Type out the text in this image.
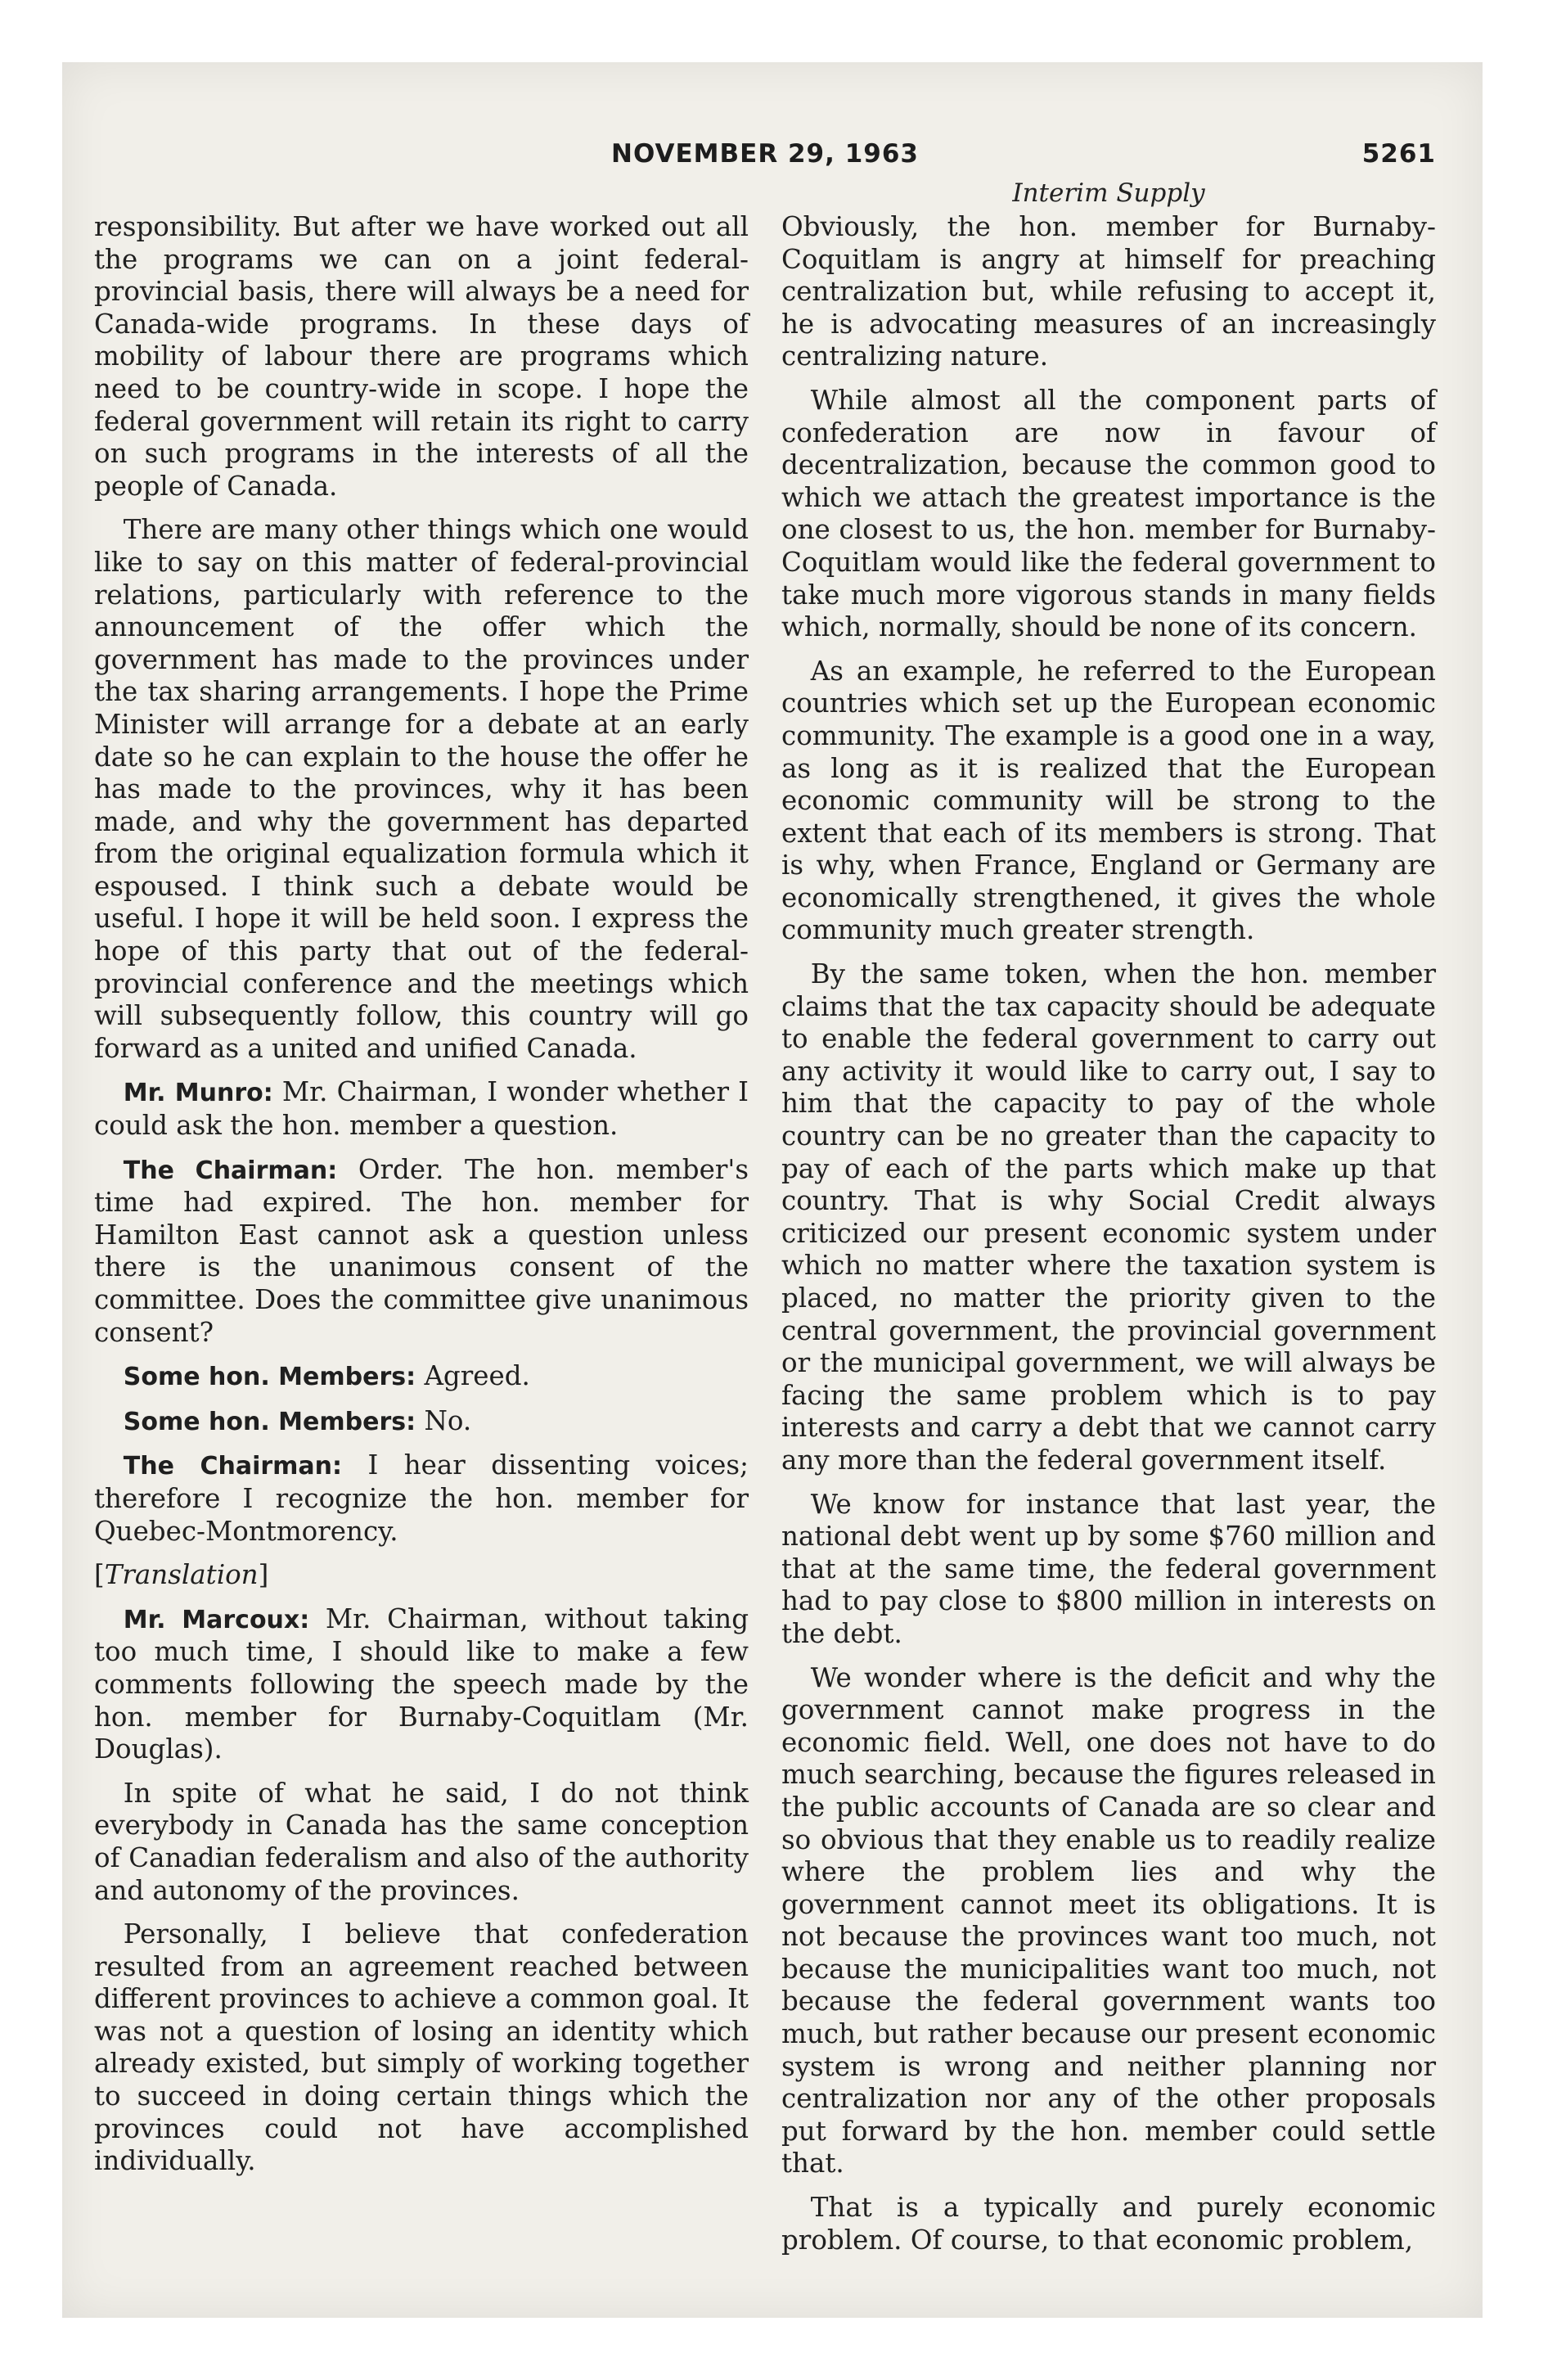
NOVEMBER 29, 1963	5261
Interim Supply

responsibility. But after we have worked out all the programs we can on a joint federal-provincial basis, there will always be a need for Canada-wide programs. In these days of mobility of labour there are programs which need to be country-wide in scope. I hope the federal government will retain its right to carry on such programs in the interests of all the people of Canada.

There are many other things which one would like to say on this matter of federal-provincial relations, particularly with reference to the announcement of the offer which the government has made to the provinces under the tax sharing arrangements. I hope the Prime Minister will arrange for a debate at an early date so he can explain to the house the offer he has made to the provinces, why it has been made, and why the government has departed from the original equalization formula which it espoused. I think such a debate would be useful. I hope it will be held soon. I express the hope of this party that out of the federal-provincial conference and the meetings which will subsequently follow, this country will go forward as a united and unified Canada.

Mr. Munro: Mr. Chairman, I wonder whether I could ask the hon. member a question.

The Chairman: Order. The hon. member's time had expired. The hon. member for Hamilton East cannot ask a question unless there is the unanimous consent of the committee. Does the committee give unanimous consent?

Some hon. Members: Agreed.

Some hon. Members: No.

The Chairman: I hear dissenting voices; therefore I recognize the hon. member for Quebec-Montmorency.

[Translation]

Mr. Marcoux: Mr. Chairman, without taking too much time, I should like to make a few comments following the speech made by the hon. member for Burnaby-Coquitlam (Mr. Douglas).

In spite of what he said, I do not think everybody in Canada has the same conception of Canadian federalism and also of the authority and autonomy of the provinces.

Personally, I believe that confederation resulted from an agreement reached between different provinces to achieve a common goal. It was not a question of losing an identity which already existed, but simply of working together to succeed in doing certain things which the provinces could not have accomplished individually.

Obviously, the hon. member for Burnaby-Coquitlam is angry at himself for preaching centralization but, while refusing to accept it, he is advocating measures of an increasingly centralizing nature.

While almost all the component parts of confederation are now in favour of decentralization, because the common good to which we attach the greatest importance is the one closest to us, the hon. member for Burnaby-Coquitlam would like the federal government to take much more vigorous stands in many fields which, normally, should be none of its concern.

As an example, he referred to the European countries which set up the European economic community. The example is a good one in a way, as long as it is realized that the European economic community will be strong to the extent that each of its members is strong. That is why, when France, England or Germany are economically strengthened, it gives the whole community much greater strength.

By the same token, when the hon. member claims that the tax capacity should be adequate to enable the federal government to carry out any activity it would like to carry out, I say to him that the capacity to pay of the whole country can be no greater than the capacity to pay of each of the parts which make up that country. That is why Social Credit always criticized our present economic system under which no matter where the taxation system is placed, no matter the priority given to the central government, the provincial government or the municipal government, we will always be facing the same problem which is to pay interests and carry a debt that we cannot carry any more than the federal government itself.

We know for instance that last year, the national debt went up by some $760 million and that at the same time, the federal government had to pay close to $800 million in interests on the debt.

We wonder where is the deficit and why the government cannot make progress in the economic field. Well, one does not have to do much searching, because the figures released in the public accounts of Canada are so clear and so obvious that they enable us to readily realize where the problem lies and why the government cannot meet its obligations. It is not because the provinces want too much, not because the municipalities want too much, not because the federal government wants too much, but rather because our present economic system is wrong and neither planning nor centralization nor any of the other proposals put forward by the hon. member could settle that.

That is a typically and purely economic problem. Of course, to that economic problem,
